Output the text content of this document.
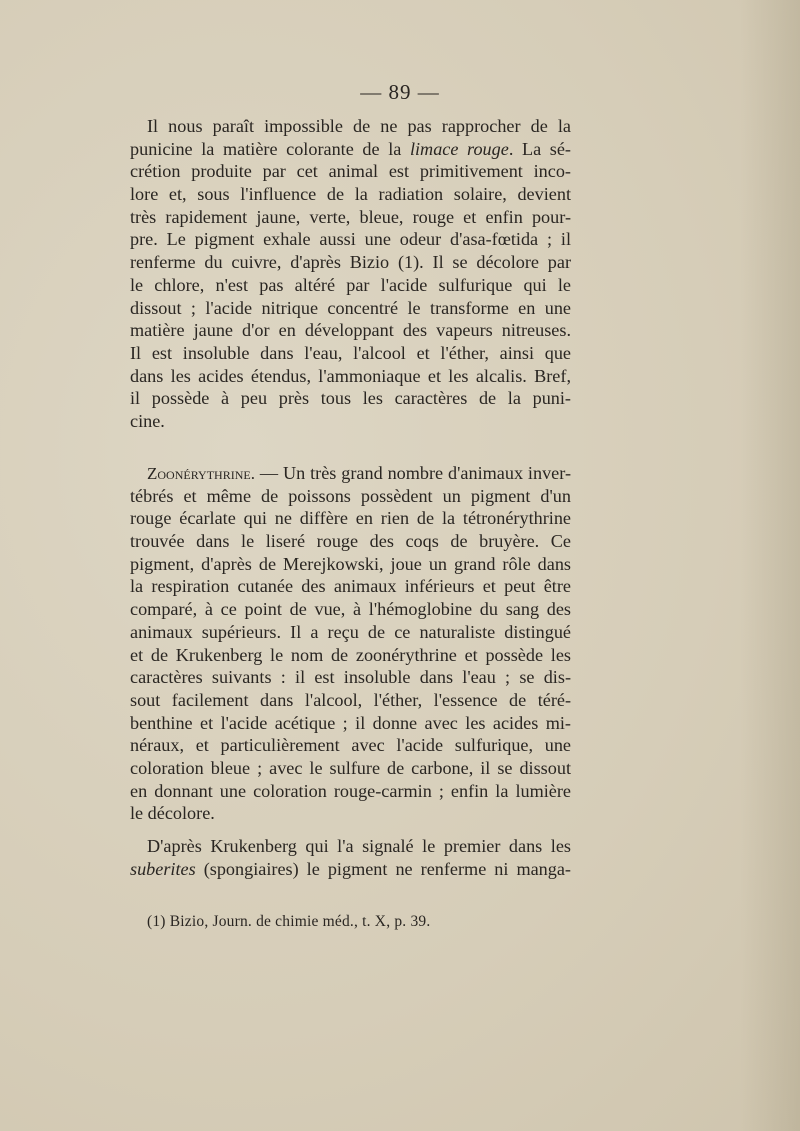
— 89 —
Il nous paraît impossible de ne pas rapprocher de la
punicine la matière colorante de la limace rouge. La sé-
crétion produite par cet animal est primitivement inco-
lore et, sous l'influence de la radiation solaire, devient
très rapidement jaune, verte, bleue, rouge et enfin pour-
pre. Le pigment exhale aussi une odeur d'asa-fœtida ; il
renferme du cuivre, d'après Bizio (1). Il se décolore par
le chlore, n'est pas altéré par l'acide sulfurique qui le
dissout ; l'acide nitrique concentré le transforme en une
matière jaune d'or en développant des vapeurs nitreuses.
Il est insoluble dans l'eau, l'alcool et l'éther, ainsi que
dans les acides étendus, l'ammoniaque et les alcalis. Bref,
il possède à peu près tous les caractères de la puni-
cine.
Zoonérythrine. — Un très grand nombre d'animaux inver-
tébrés et même de poissons possèdent un pigment d'un
rouge écarlate qui ne diffère en rien de la tétronérythrine
trouvée dans le liseré rouge des coqs de bruyère. Ce
pigment, d'après de Merejkowski, joue un grand rôle dans
la respiration cutanée des animaux inférieurs et peut être
comparé, à ce point de vue, à l'hémoglobine du sang des
animaux supérieurs. Il a reçu de ce naturaliste distingué
et de Krukenberg le nom de zoonérythrine et possède les
caractères suivants : il est insoluble dans l'eau ; se dis-
sout facilement dans l'alcool, l'éther, l'essence de téré-
benthine et l'acide acétique ; il donne avec les acides mi-
néraux, et particulièrement avec l'acide sulfurique, une
coloration bleue ; avec le sulfure de carbone, il se dissout
en donnant une coloration rouge-carmin ; enfin la lumière
le décolore.
D'après Krukenberg qui l'a signalé le premier dans les
suberites (spongiaires) le pigment ne renferme ni manga-
(1) Bizio, Journ. de chimie méd., t. X, p. 39.
